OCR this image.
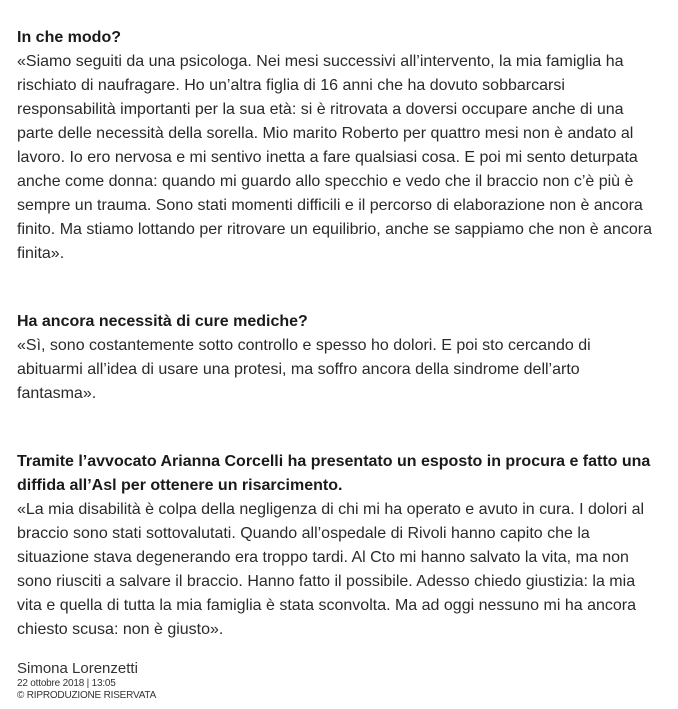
In che modo?

«Siamo seguiti da una psicologa. Nei mesi successivi all’intervento, la mia famiglia ha rischiato di naufragare. Ho un’altra figlia di 16 anni che ha dovuto sobbarcarsi responsabilità importanti per la sua età: si è ritrovata a doversi occupare anche di una parte delle necessità della sorella. Mio marito Roberto per quattro mesi non è andato al lavoro. Io ero nervosa e mi sentivo inetta a fare qualsiasi cosa. E poi mi sento deturpata anche come donna: quando mi guardo allo specchio e vedo che il braccio non c’è più è sempre un trauma. Sono stati momenti difficili e il percorso di elaborazione non è ancora finito. Ma stiamo lottando per ritrovare un equilibrio, anche se sappiamo che non è ancora finita».

Ha ancora necessità di cure mediche?

«Sì, sono costantemente sotto controllo e spesso ho dolori. E poi sto cercando di abituarmi all’idea di usare una protesi, ma soffro ancora della sindrome dell’arto fantasma».

Tramite l’avvocato Arianna Corcelli ha presentato un esposto in procura e fatto una diffida all’Asl per ottenere un risarcimento.

«La mia disabilità è colpa della negligenza di chi mi ha operato e avuto in cura. I dolori al braccio sono stati sottovalutati. Quando all’ospedale di Rivoli hanno capito che la situazione stava degenerando era troppo tardi. Al Cto mi hanno salvato la vita, ma non sono riusciti a salvare il braccio. Hanno fatto il possibile. Adesso chiedo giustizia: la mia vita e quella di tutta la mia famiglia è stata sconvolta. Ma ad oggi nessuno mi ha ancora chiesto scusa: non è giusto».

Simona Lorenzetti

22 ottobre 2018 | 13:05

© RIPRODUZIONE RISERVATA
